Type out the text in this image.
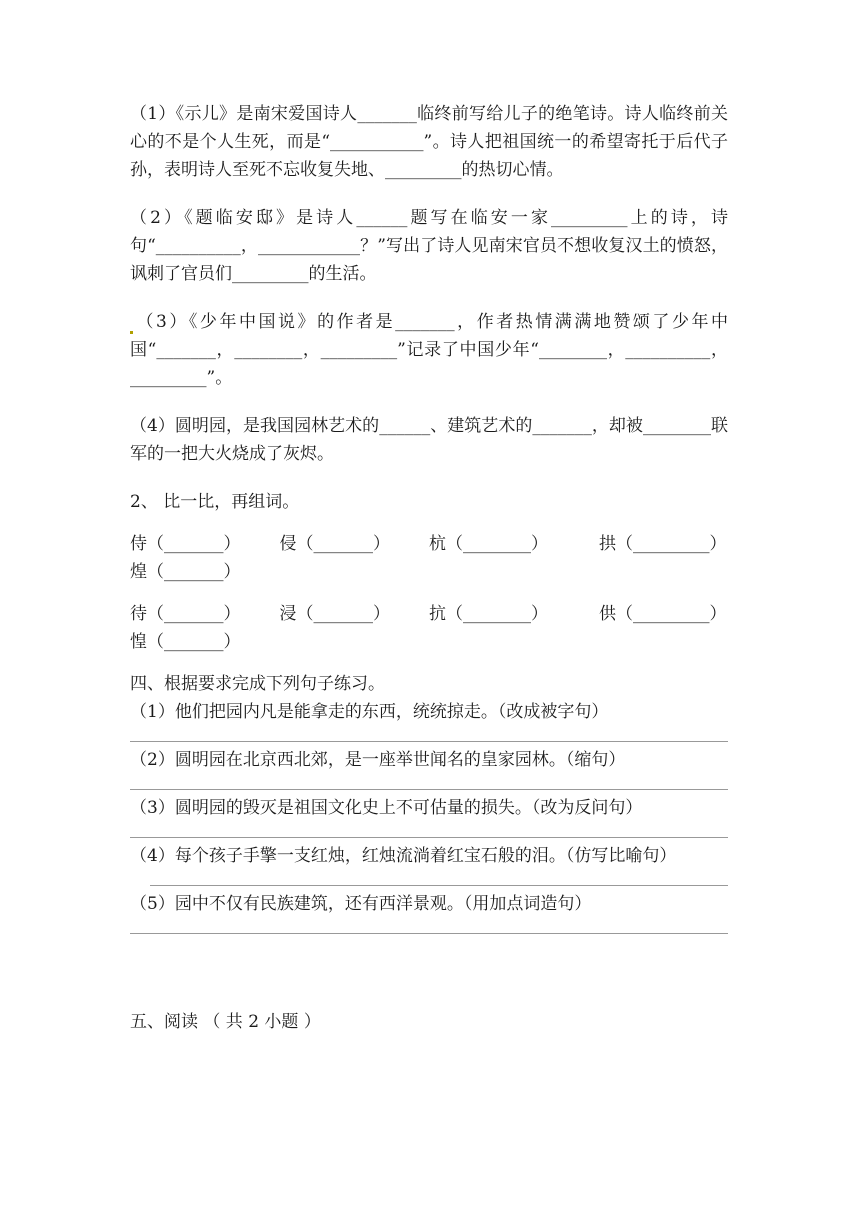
（1）《示儿》是南宋爱国诗人_______临终前写给儿子的绝笔诗。诗人临终前关心的不是个人生死，而是“___________”。诗人把祖国统一的希望寄托于后代子孙，表明诗人至死不忘收复失地、_________的热切心情。

（2）《题临安邸》是诗人______题写在临安一家_________上的诗，诗句“__________，____________？”写出了诗人见南宋官员不想收复汉土的愤怒，讽刺了官员们_________的生活。

（3）《少年中国说》的作者是_______，作者热情满满地赞颂了少年中国“_______，________，_________”记录了中国少年“________，__________，_________”。

（4）圆明园，是我国园林艺术的______、建筑艺术的_______，却被________联军的一把大火烧成了灰烬。

2、 比一比，再组词。

侍（_______）	侵（_______）	杭（________）	拱（_________）
煌（_______）
待（_______）	浸（_______）	抗（________）	供（_________）
惶（_______）

四、根据要求完成下列句子练习。

（1）他们把园内凡是能拿走的东西，统统掠走。（改成被字句）

（2）圆明园在北京西北郊，是一座举世闻名的皇家园林。（缩句）

（3）圆明园的毁灭是祖国文化史上不可估量的损失。（改为反问句）

（4）每个孩子手擎一支红烛，红烛流淌着红宝石般的泪。（仿写比喻句）

（5）园中不仅有民族建筑，还有西洋景观。（用加点词造句）

五、阅读 （ 共 2 小题 ）
